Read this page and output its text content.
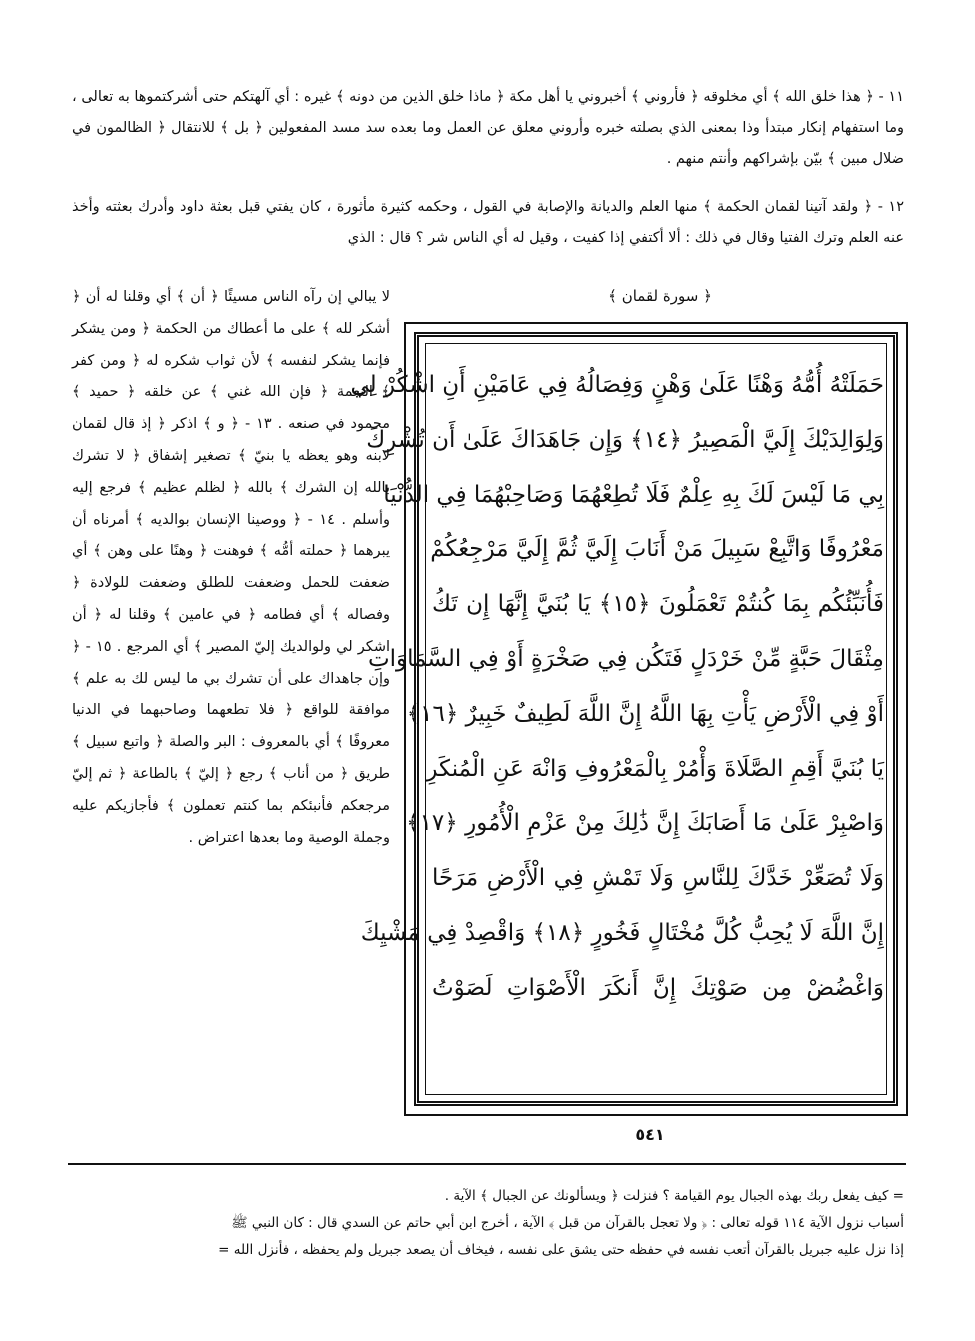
١١ - ﴿ هذا خلق الله ﴾ أي مخلوقه ﴿ فأروني ﴾ أخبروني يا أهل مكة ﴿ ماذا خلق الذين من دونه ﴾ غيره : أي آلهتكم حتى أشركتموها به تعالى ، وما استفهام إنكار مبتدأ وذا بمعنى الذي بصلته خبره وأروني معلق عن العمل وما بعده سد مسد المفعولين ﴿ بل ﴾ للانتقال ﴿ الظالمون في ضلال مبين ﴾ بيّن بإشراكهم وأنتم منهم .
١٢ - ﴿ ولقد آتينا لقمان الحكمة ﴾ منها العلم والديانة والإصابة في القول ، وحكمه كثيرة مأثورة ، كان يفتي قبل بعثة داود وأدرك بعثته وأخذ عنه العلم وترك الفتيا وقال في ذلك : ألا أكتفي إذا كفيت ، وقيل له أي الناس شر ؟ قال : الذي
﴿ سورة لقمان ﴾
حَمَلَتْهُ أُمُّهُ وَهْنًا عَلَىٰ وَهْنٍ وَفِصَالُهُ فِي عَامَيْنِ أَنِ اشْكُرْ لِي
وَلِوَالِدَيْكَ إِلَيَّ الْمَصِيرُ ﴿١٤﴾ وَإِن جَاهَدَاكَ عَلَىٰ أَن تُشْرِكَ
بِي مَا لَيْسَ لَكَ بِهِ عِلْمٌ فَلَا تُطِعْهُمَا وَصَاحِبْهُمَا فِي الدُّنْيَا
مَعْرُوفًا وَاتَّبِعْ سَبِيلَ مَنْ أَنَابَ إِلَيَّ ثُمَّ إِلَيَّ مَرْجِعُكُمْ
فَأُنَبِّئُكُم بِمَا كُنتُمْ تَعْمَلُونَ ﴿١٥﴾ يَا بُنَيَّ إِنَّهَا إِن تَكُ
مِثْقَالَ حَبَّةٍ مِّنْ خَرْدَلٍ فَتَكُن فِي صَخْرَةٍ أَوْ فِي السَّمَاوَاتِ
أَوْ فِي الْأَرْضِ يَأْتِ بِهَا اللَّهُ إِنَّ اللَّهَ لَطِيفٌ خَبِيرٌ ﴿١٦﴾
يَا بُنَيَّ أَقِمِ الصَّلَاةَ وَأْمُرْ بِالْمَعْرُوفِ وَانْهَ عَنِ الْمُنكَرِ
وَاصْبِرْ عَلَىٰ مَا أَصَابَكَ إِنَّ ذَٰلِكَ مِنْ عَزْمِ الْأُمُورِ ﴿١٧﴾
وَلَا تُصَعِّرْ خَدَّكَ لِلنَّاسِ وَلَا تَمْشِ فِي الْأَرْضِ مَرَحًا
إِنَّ اللَّهَ لَا يُحِبُّ كُلَّ مُخْتَالٍ فَخُورٍ ﴿١٨﴾ وَاقْصِدْ فِي مَشْيِكَ
وَاغْضُضْ مِن صَوْتِكَ إِنَّ أَنكَرَ الْأَصْوَاتِ لَصَوْتُ
لا يبالي إن رآه الناس مسيئًا ﴿ أن ﴾ أي وقلنا له أن ﴿ أشكر لله ﴾ على ما أعطاك من الحكمة ﴿ ومن يشكر فإنما يشكر لنفسه ﴾ لأن ثواب شكره له ﴿ ومن كفر ﴾ النعمة ﴿ فإن الله غني ﴾ عن خلقه ﴿ حميد ﴾ محمود في صنعه . ١٣ - ﴿ و ﴾ اذكر ﴿ إذ قال لقمان لابنه وهو يعظه يا بنيّ ﴾ تصغير إشفاق ﴿ لا تشرك بالله إن الشرك ﴾ بالله ﴿ لظلم عظيم ﴾ فرجع إليه وأسلم . ١٤ - ﴿ ووصينا الإنسان بوالديه ﴾ أمرناه أن يبرهما ﴿ حملته أمُّه ﴾ فوهنت ﴿ وهنًا على وهن ﴾ أي ضعفت للحمل وضعفت للطلق وضعفت للولادة ﴿ وفصاله ﴾ أي فطامه ﴿ في عامين ﴾ وقلنا له ﴿ أن اشكر لي ولوالديك إليّ المصير ﴾ أي المرجع . ١٥ - ﴿ وإن جاهداك على أن تشرك بي ما ليس لك به علم ﴾ موافقة للواقع ﴿ فلا تطعهما وصاحبهما في الدنيا معروفًا ﴾ أي بالمعروف : البر والصلة ﴿ واتبع سبيل ﴾ طريق ﴿ من أناب ﴾ رجع ﴿ إليّ ﴾ بالطاعة ﴿ ثم إليّ مرجعكم فأنبئكم بما كنتم تعملون ﴾ فأجازيكم عليه وجملة الوصية وما بعدها اعتراض .
٥٤١
= كيف يفعل ربك بهذه الجبال يوم القيامة ؟ فنزلت ﴿ ويسألونك عن الجبال ﴾ الآية .
أسباب نزول الآية ١١٤ قوله تعالى : ﴿ ولا تعجل بالقرآن من قبل ﴾ الآية ، أخرج ابن أبي حاتم عن السدي قال : كان النبي ﷺ
إذا نزل عليه جبريل بالقرآن أتعب نفسه في حفظه حتى يشق على نفسه ، فيخاف أن يصعد جبريل ولم يحفظه ، فأنزل الله =
